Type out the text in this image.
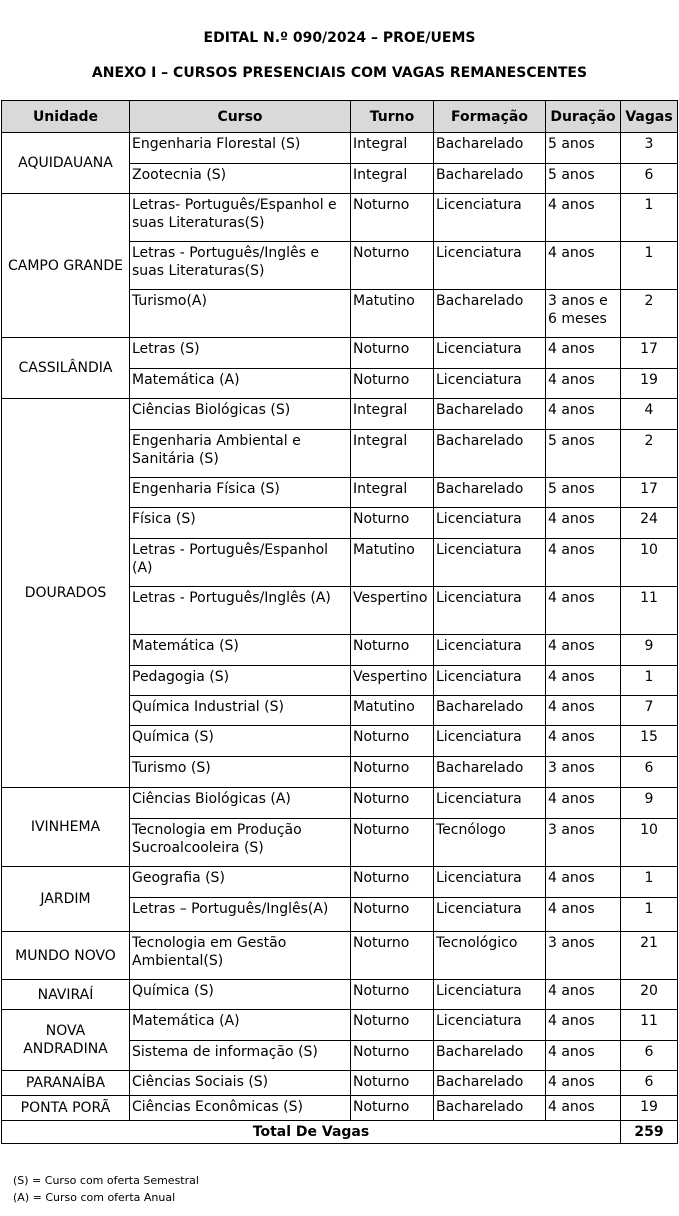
EDITAL N.º 090/2024 – PROE/UEMS
ANEXO I – CURSOS PRESENCIAIS COM VAGAS REMANESCENTES
Unidade	Curso	Turno	Formação	Duração	Vagas
AQUIDAUANA	Engenharia Florestal (S)	Integral	Bacharelado	5 anos	3
	Zootecnia (S)	Integral	Bacharelado	5 anos	6
CAMPO GRANDE	Letras- Português/Espanhol e suas Literaturas(S)	Noturno	Licenciatura	4 anos	1
	Letras - Português/Inglês e suas Literaturas(S)	Noturno	Licenciatura	4 anos	1
	Turismo(A)	Matutino	Bacharelado	3 anos e 6 meses	2
CASSILÂNDIA	Letras (S)	Noturno	Licenciatura	4 anos	17
	Matemática (A)	Noturno	Licenciatura	4 anos	19
DOURADOS	Ciências Biológicas (S)	Integral	Bacharelado	4 anos	4
	Engenharia Ambiental e Sanitária (S)	Integral	Bacharelado	5 anos	2
	Engenharia Física (S)	Integral	Bacharelado	5 anos	17
	Física (S)	Noturno	Licenciatura	4 anos	24
	Letras - Português/Espanhol (A)	Matutino	Licenciatura	4 anos	10
	Letras - Português/Inglês (A)	Vespertino	Licenciatura	4 anos	11
	Matemática (S)	Noturno	Licenciatura	4 anos	9
	Pedagogia (S)	Vespertino	Licenciatura	4 anos	1
	Química Industrial (S)	Matutino	Bacharelado	4 anos	7
	Química (S)	Noturno	Licenciatura	4 anos	15
	Turismo (S)	Noturno	Bacharelado	3 anos	6
IVINHEMA	Ciências Biológicas (A)	Noturno	Licenciatura	4 anos	9
	Tecnologia em Produção Sucroalcooleira (S)	Noturno	Tecnólogo	3 anos	10
JARDIM	Geografia (S)	Noturno	Licenciatura	4 anos	1
	Letras – Português/Inglês(A)	Noturno	Licenciatura	4 anos	1
MUNDO NOVO	Tecnologia em Gestão Ambiental(S)	Noturno	Tecnológico	3 anos	21
NAVIRAÍ	Química (S)	Noturno	Licenciatura	4 anos	20
NOVA ANDRADINA	Matemática (A)	Noturno	Licenciatura	4 anos	11
	Sistema de informação (S)	Noturno	Bacharelado	4 anos	6
PARANAÍBA	Ciências Sociais (S)	Noturno	Bacharelado	4 anos	6
PONTA PORÃ	Ciências Econômicas (S)	Noturno	Bacharelado	4 anos	19
Total De Vagas					259
(S) = Curso com oferta Semestral
(A) = Curso com oferta Anual
